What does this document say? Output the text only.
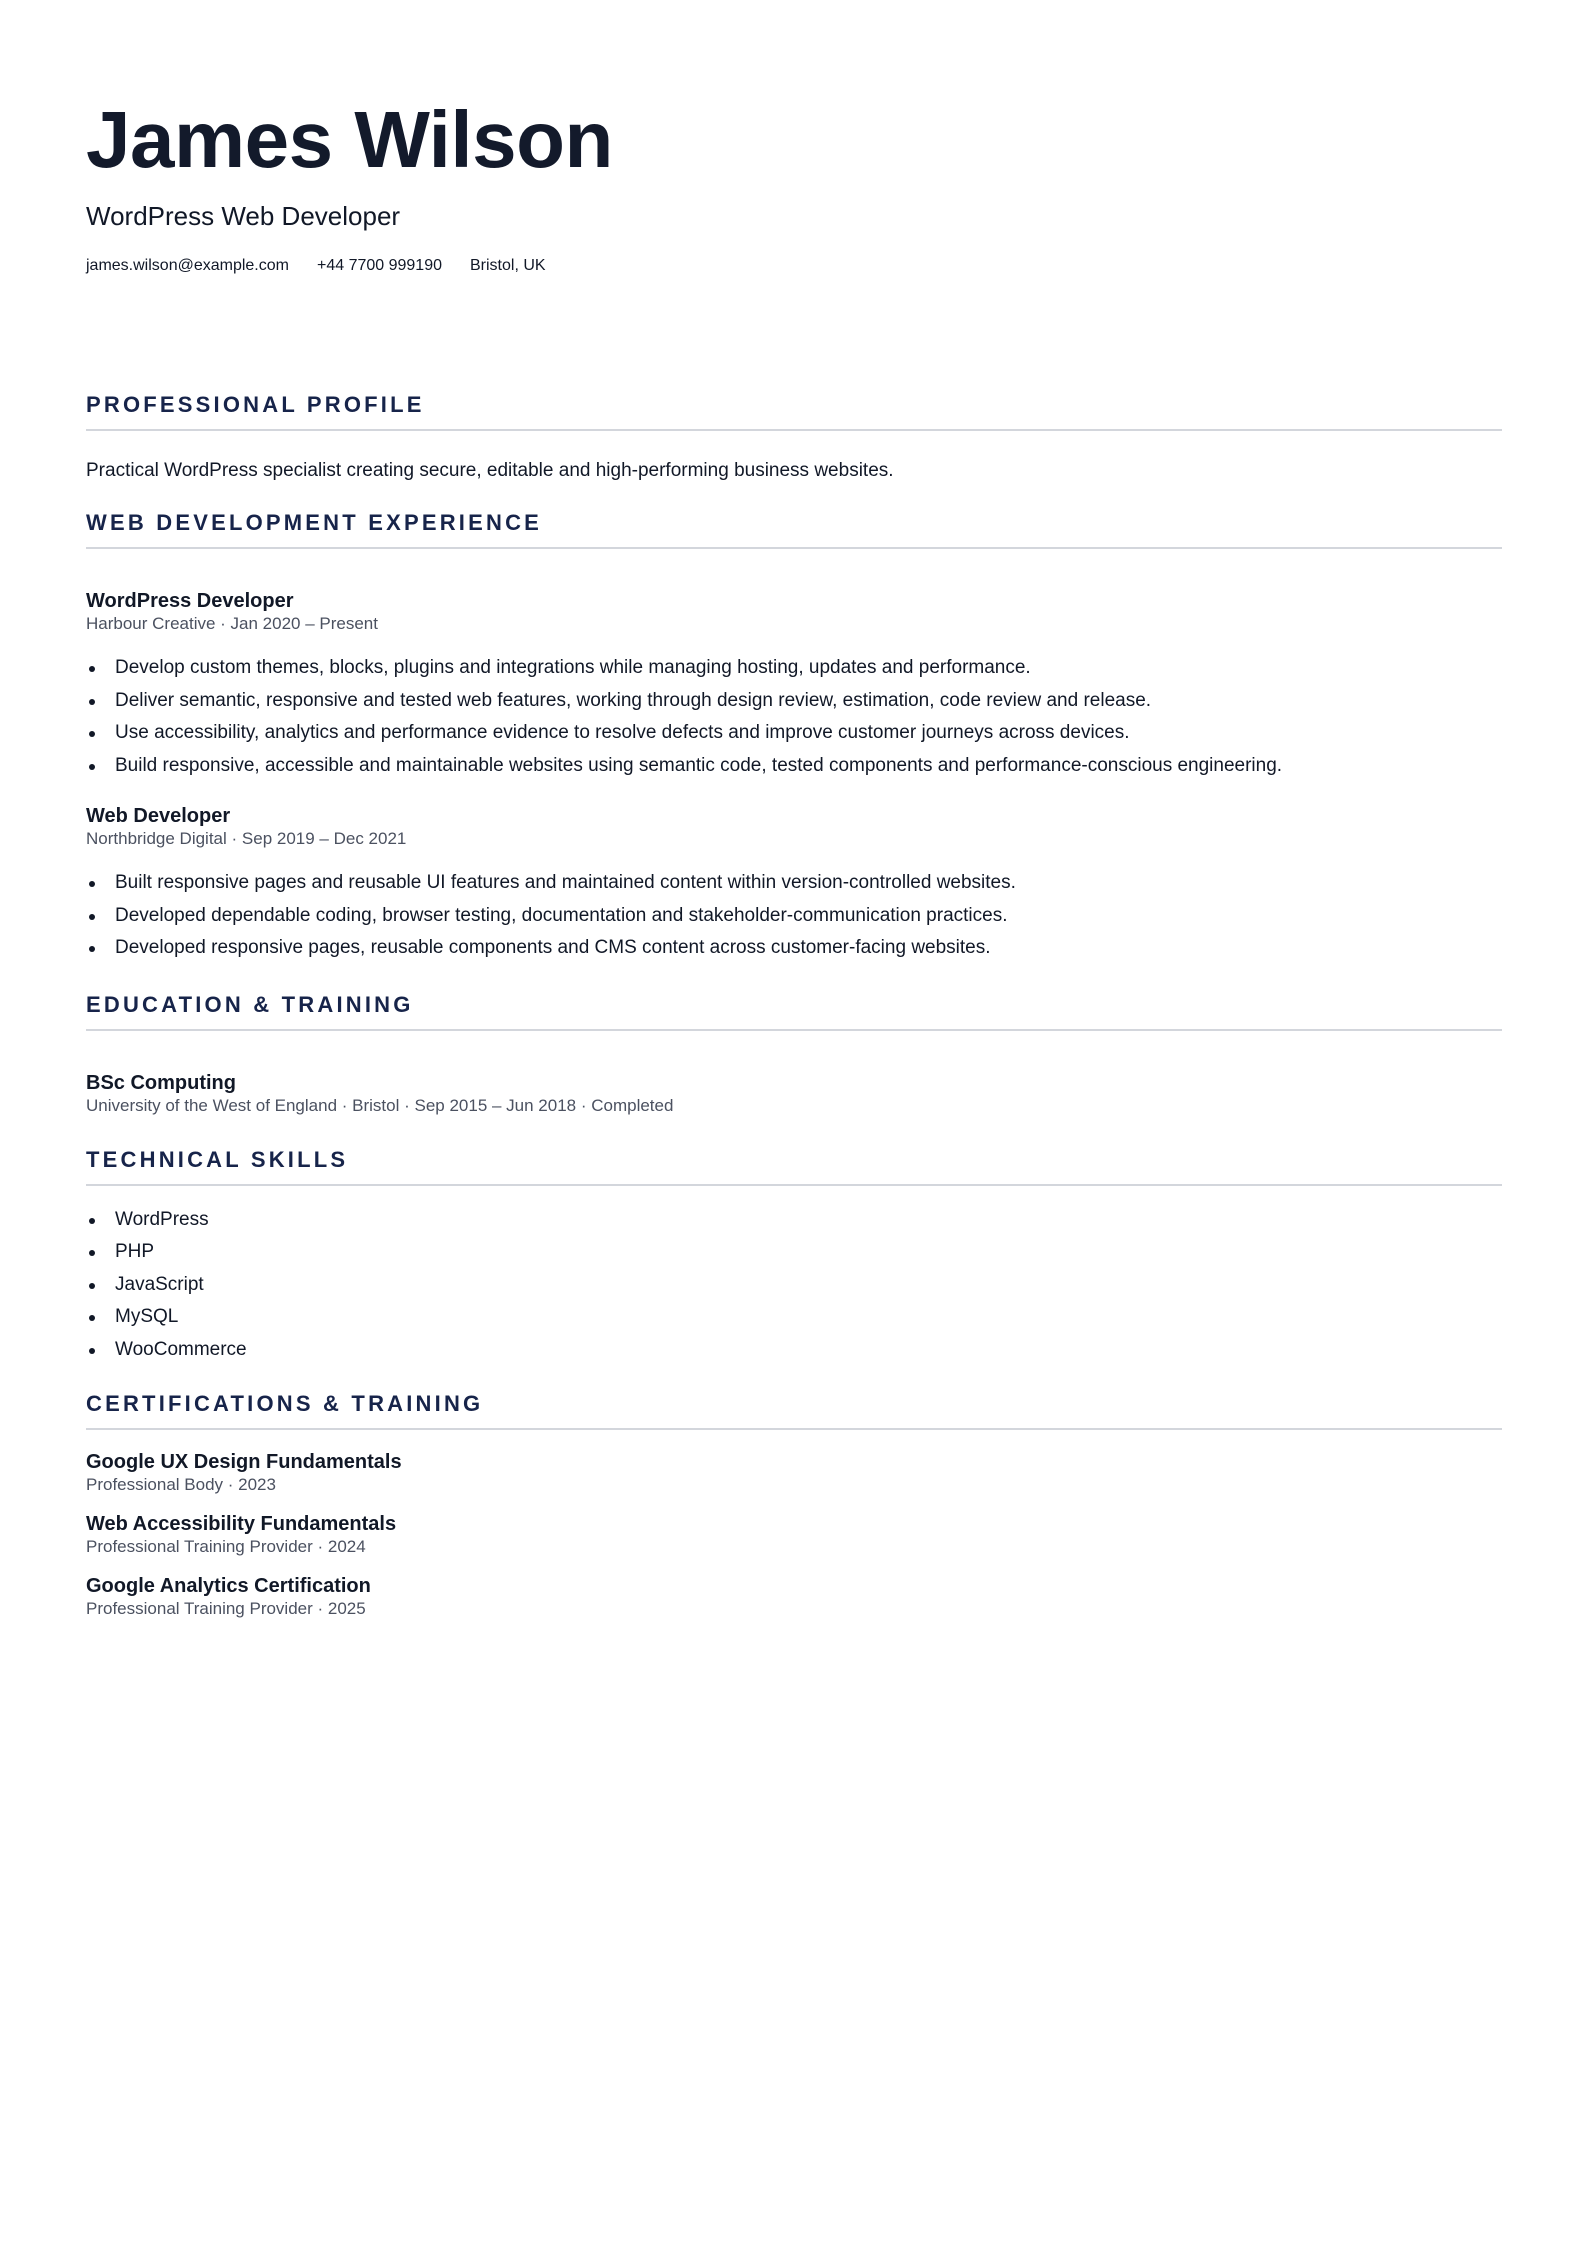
James Wilson
WordPress Web Developer
james.wilson@example.com +44 7700 999190 Bristol, UK
PROFESSIONAL PROFILE

Practical WordPress specialist creating secure, editable and high-performing business websites.

WEB DEVELOPMENT EXPERIENCE
WordPress Developer
Harbour Creative · Jan 2020 – Present
Develop custom themes, blocks, plugins and integrations while managing hosting, updates and performance.
Deliver semantic, responsive and tested web features, working through design review, estimation, code review and release.
Use accessibility, analytics and performance evidence to resolve defects and improve customer journeys across devices.
Build responsive, accessible and maintainable websites using semantic code, tested components and performance-conscious engineering.
Web Developer
Northbridge Digital · Sep 2019 – Dec 2021
Built responsive pages and reusable UI features and maintained content within version-controlled websites.
Developed dependable coding, browser testing, documentation and stakeholder-communication practices.
Developed responsive pages, reusable components and CMS content across customer-facing websites.
EDUCATION & TRAINING
BSc Computing
University of the West of England · Bristol · Sep 2015 – Jun 2018 · Completed
TECHNICAL SKILLS
WordPress
PHP
JavaScript
MySQL
WooCommerce
CERTIFICATIONS & TRAINING
Google UX Design Fundamentals
Professional Body · 2023
Web Accessibility Fundamentals
Professional Training Provider · 2024
Google Analytics Certification
Professional Training Provider · 2025
